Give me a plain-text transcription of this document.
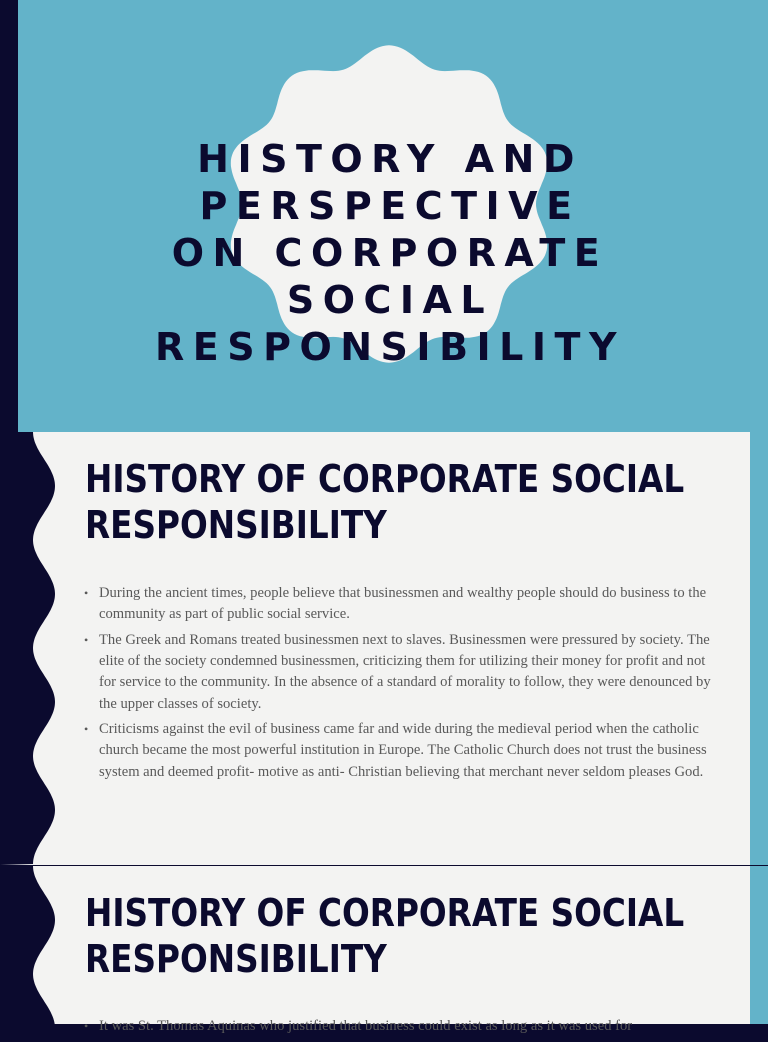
HISTORY AND PERSPECTIVE
ON CORPORATE SOCIAL
RESPONSIBILITY
HISTORY OF CORPORATE SOCIAL
RESPONSIBILITY
• During the ancient times, people believe that businessmen and wealthy people should do business to the community as part of public social service.
• The Greek and Romans treated businessmen next to slaves. Businessmen were pressured by society. The elite of the society condemned businessmen, criticizing them for utilizing their money for profit and not for service to the community. In the absence of a standard of morality to follow, they were denounced by the upper classes of society.
• Criticisms against the evil of business came far and wide during the medieval period when the catholic church became the most powerful institution in Europe. The Catholic Church does not trust the business system and deemed profit- motive as anti- Christian believing that merchant never seldom pleases God.
HISTORY OF CORPORATE SOCIAL
RESPONSIBILITY
• It was St. Thomas Aquinas who justified that business could exist as long as it was used for
